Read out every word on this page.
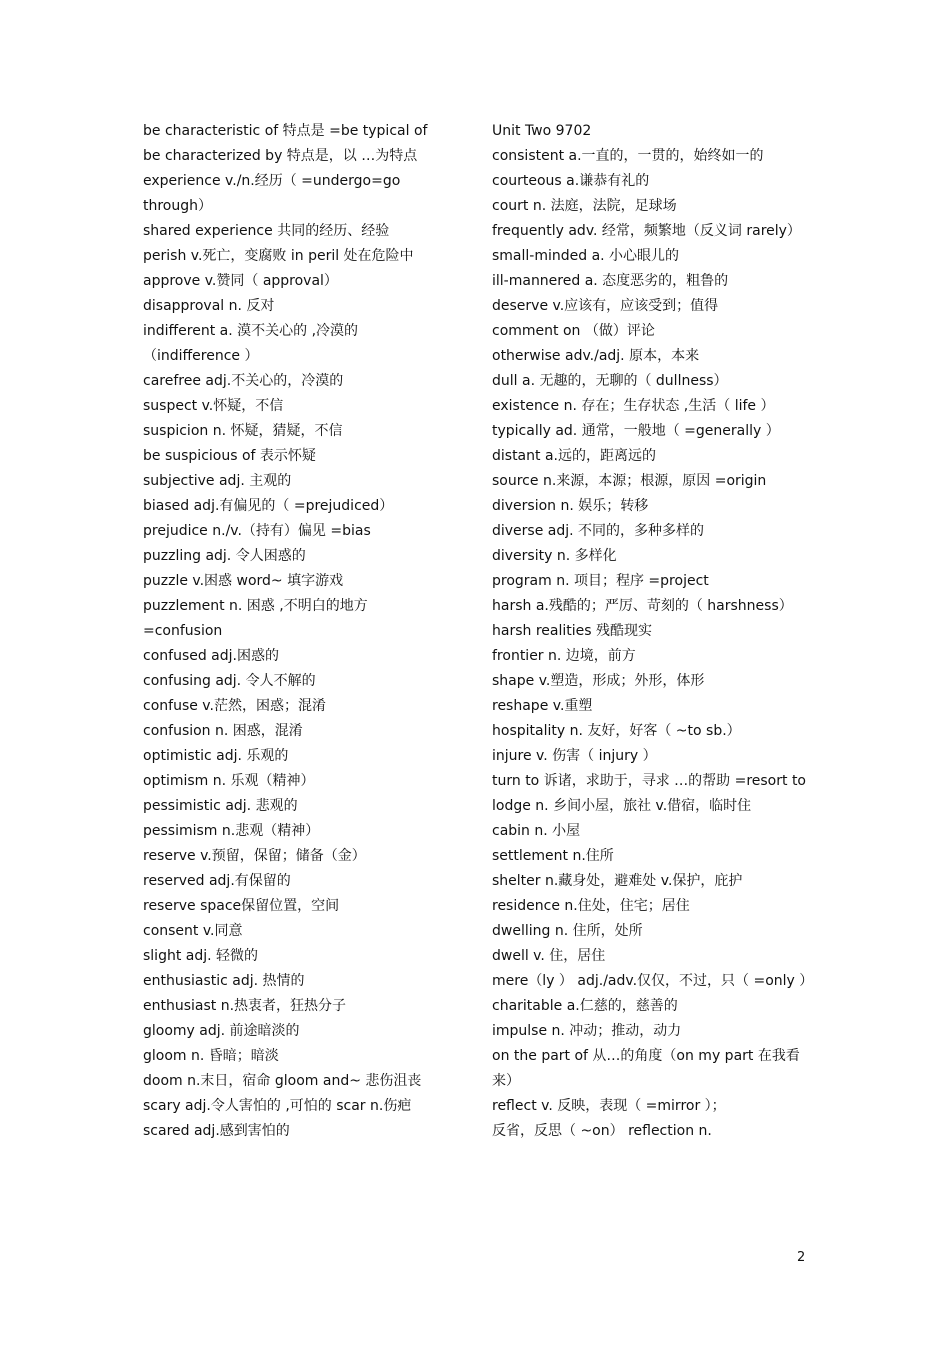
be characteristic of 特点是 =be typical of
be characterized by 特点是，以 …为特点
experience v./n.经历（ =undergo=go through）
shared experience 共同的经历、经验
perish v.死亡，变腐败 in peril 处在危险中
approve v.赞同（ approval）
disapproval n. 反对
indifferent a. 漠不关心的 ,冷漠的（indifference ）
carefree adj.不关心的，冷漠的
suspect v.怀疑，不信
suspicion n. 怀疑，猜疑，不信
be suspicious of 表示怀疑
subjective adj. 主观的
biased adj.有偏见的（ =prejudiced）
prejudice n./v.（持有）偏见 =bias
puzzling adj. 令人困惑的
puzzle v.困惑 word~ 填字游戏
puzzlement n. 困惑 ,不明白的地方 =confusion
confused adj.困惑的
confusing adj. 令人不解的
confuse v.茫然，困惑；混淆
confusion n. 困惑，混淆
optimistic adj. 乐观的
optimism n. 乐观（精神）
pessimistic adj. 悲观的
pessimism n.悲观（精神）
reserve v.预留，保留；储备（金）
reserved adj.有保留的
reserve space保留位置，空间
consent v.同意
slight adj. 轻微的
enthusiastic adj. 热情的
enthusiast n.热衷者，狂热分子
gloomy adj. 前途暗淡的
gloom n. 昏暗；暗淡
doom n.末日，宿命 gloom and~ 悲伤沮丧
scary adj.令人害怕的 ,可怕的 scar n.伤疤
scared adj.感到害怕的
Unit Two 9702
consistent a.一直的，一贯的，始终如一的
courteous a.谦恭有礼的
court n. 法庭，法院，足球场
frequently adv. 经常，频繁地（反义词 rarely）
small-minded a. 小心眼儿的
ill-mannered a. 态度恶劣的，粗鲁的
deserve v.应该有，应该受到；值得
comment on （做）评论
otherwise adv./adj. 原本，本来
dull a. 无趣的，无聊的（ dullness）
existence n. 存在；生存状态 ,生活（ life ）
typically ad. 通常，一般地（ =generally ）
distant a.远的，距离远的
source n.来源，本源；根源，原因 =origin
diversion n. 娱乐；转移
diverse adj. 不同的，多种多样的
diversity n. 多样化
program n. 项目；程序 =project
harsh a.残酷的；严厉、苛刻的（ harshness）
harsh realities 残酷现实
frontier n. 边境，前方
shape v.塑造，形成；外形，体形
reshape v.重塑
hospitality n. 友好，好客（ ~to sb.）
injure v. 伤害（ injury ）
turn to 诉诸，求助于，寻求 …的帮助 =resort to
lodge n. 乡间小屋，旅社 v.借宿，临时住
cabin n. 小屋
settlement n.住所
shelter n.藏身处，避难处 v.保护，庇护
residence n.住处，住宅；居住
dwelling n. 住所，处所
dwell v. 住，居住
mere（ly ） adj./adv.仅仅，不过，只（ =only ）
charitable a.仁慈的，慈善的
impulse n. 冲动；推动，动力
on the part of 从…的角度（on my part 在我看来）
reflect v. 反映，表现（ =mirror ）；
反省，反思（ ~on） reflection n.
2
